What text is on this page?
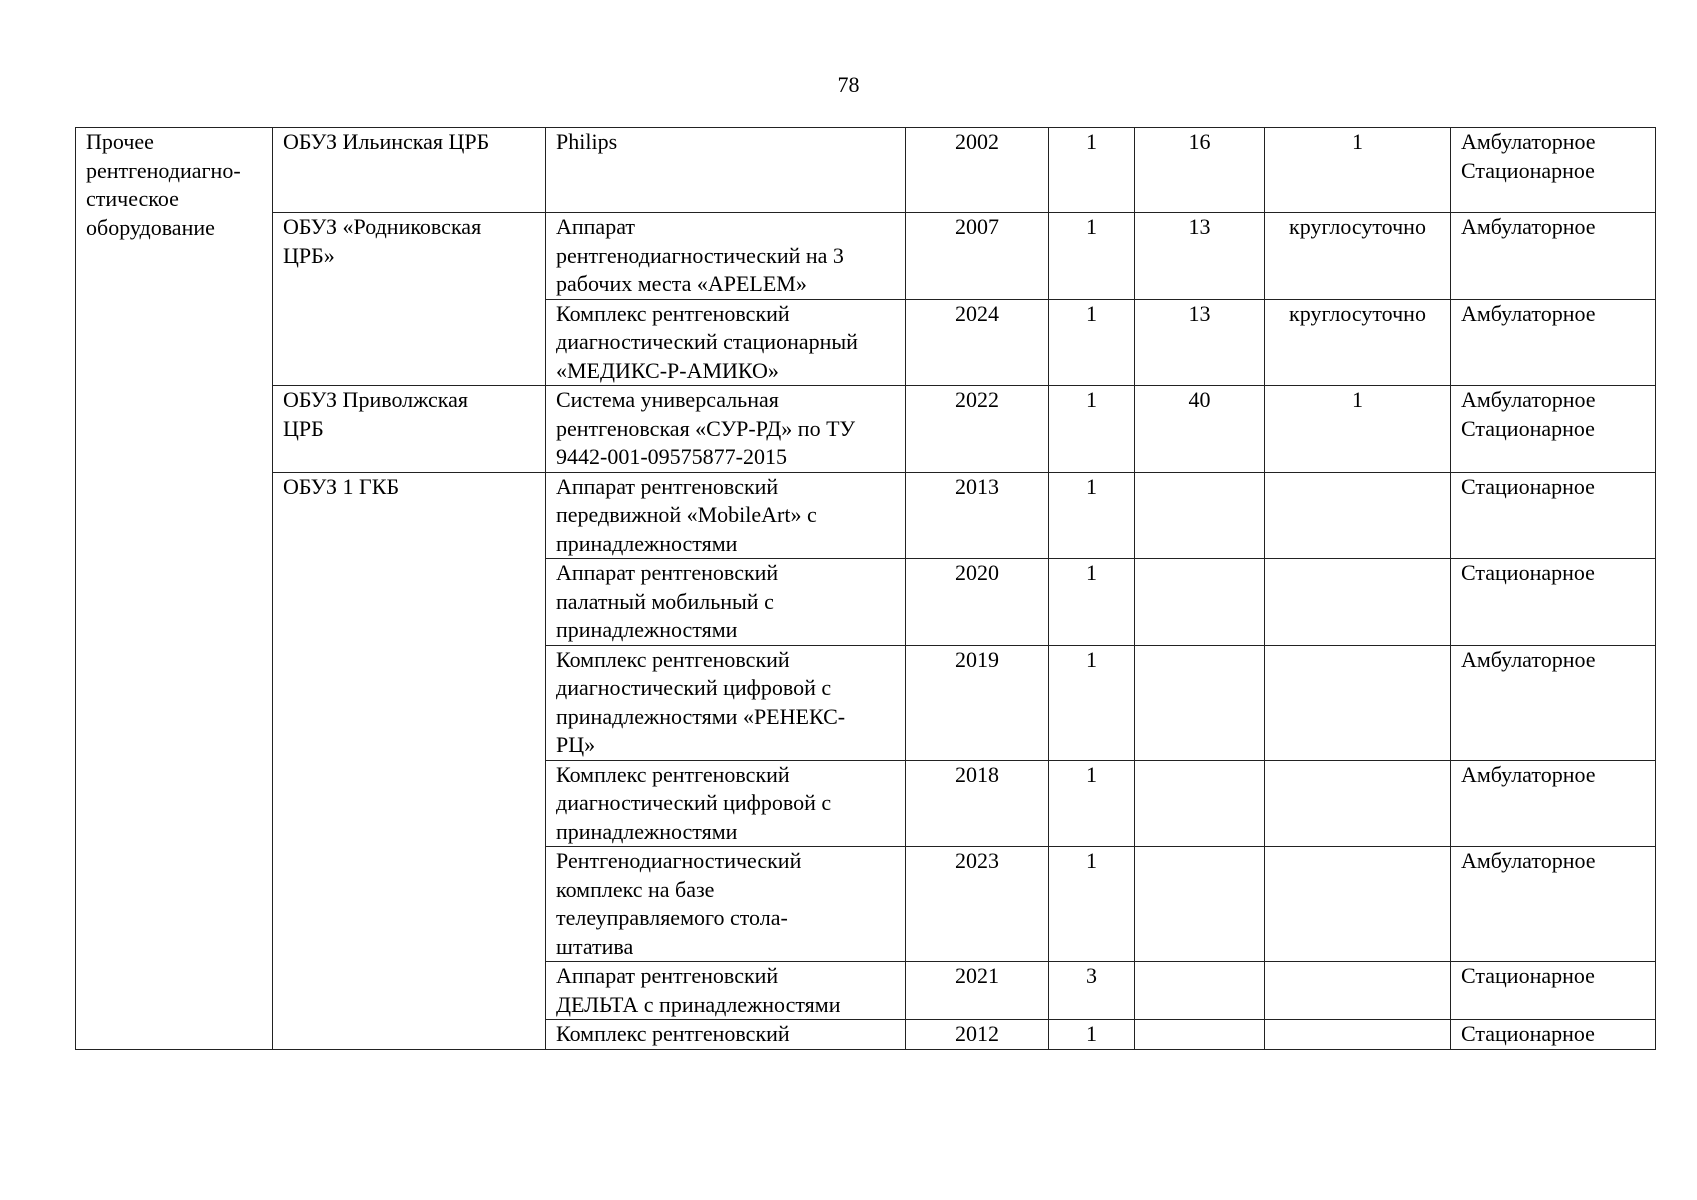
78
Прочее
рентгенодиагно-
стическое
оборудование	ОБУЗ Ильинская ЦРБ	Philips	2002	1	16	1	Амбулаторное
Стационарное

	ОБУЗ «Родниковская
ЦРБ»	Аппарат
рентгенодиагностический на 3
рабочих места «APELEM»	2007	1	13	круглосуточно	Амбулаторное

		Комплекс рентгеновский
диагностический стационарный
«МЕДИКС-Р-АМИКО»	2024	1	13	круглосуточно	Амбулаторное

	ОБУЗ Приволжская
ЦРБ	Система универсальная
рентгеновская «СУР-РД» по ТУ
9442-001-09575877-2015	2022	1	40	1	Амбулаторное
Стационарное

	ОБУЗ 1 ГКБ	Аппарат рентгеновский
передвижной «MobileArt» с
принадлежностями	2013	1			Стационарное

		Аппарат рентгеновский
палатный мобильный с
принадлежностями	2020	1			Стационарное

		Комплекс рентгеновский
диагностический цифровой с
принадлежностями «РЕНЕКС-
РЦ»	2019	1			Амбулаторное

		Комплекс рентгеновский
диагностический цифровой с
принадлежностями	2018	1			Амбулаторное

		Рентгенодиагностический
комплекс на базе
телеуправляемого стола-
штатива	2023	1			Амбулаторное

		Аппарат рентгеновский
ДЕЛЬТА с принадлежностями	2021	3			Стационарное

		Комплекс рентгеновский	2012	1			Стационарное
